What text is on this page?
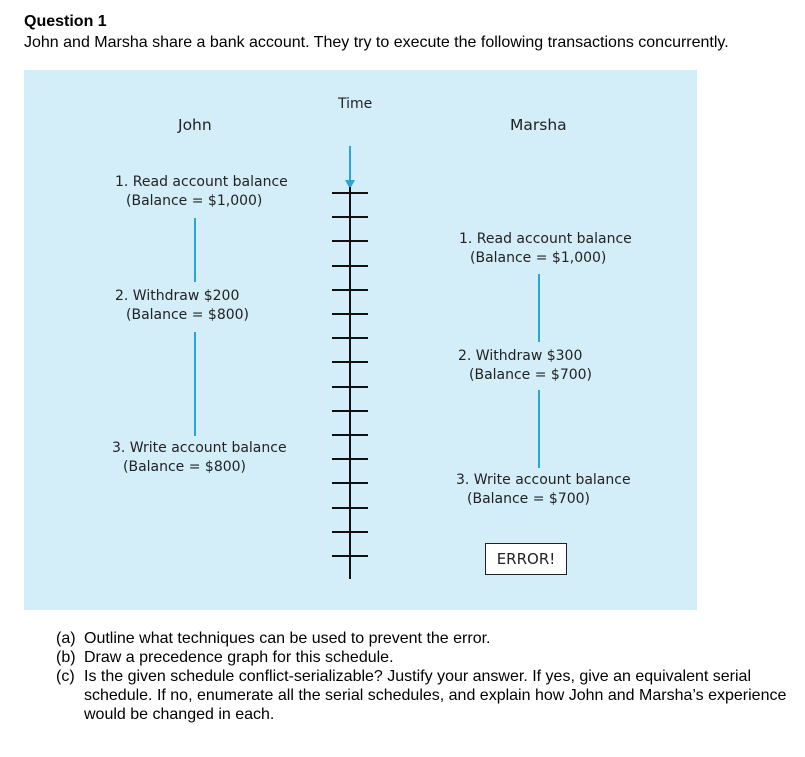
Question 1

John and Marsha share a bank account. They try to execute the following transactions concurrently.

Time
John
1. Read account balance
(Balance = $1,000)
2. Withdraw $200
(Balance = $800)
3. Write account balance
(Balance = $800)
Marsha
1. Read account balance
(Balance = $1,000)
2. Withdraw $300
(Balance = $700)
3. Write account balance
(Balance = $700)
ERROR!
(a) Outline what techniques can be used to prevent the error.
(b) Draw a precedence graph for this schedule.
(c) Is the given schedule conflict-serializable? Justify your answer. If yes, give an equivalent serial schedule. If no, enumerate all the serial schedules, and explain how John and Marsha’s experience would be changed in each.
